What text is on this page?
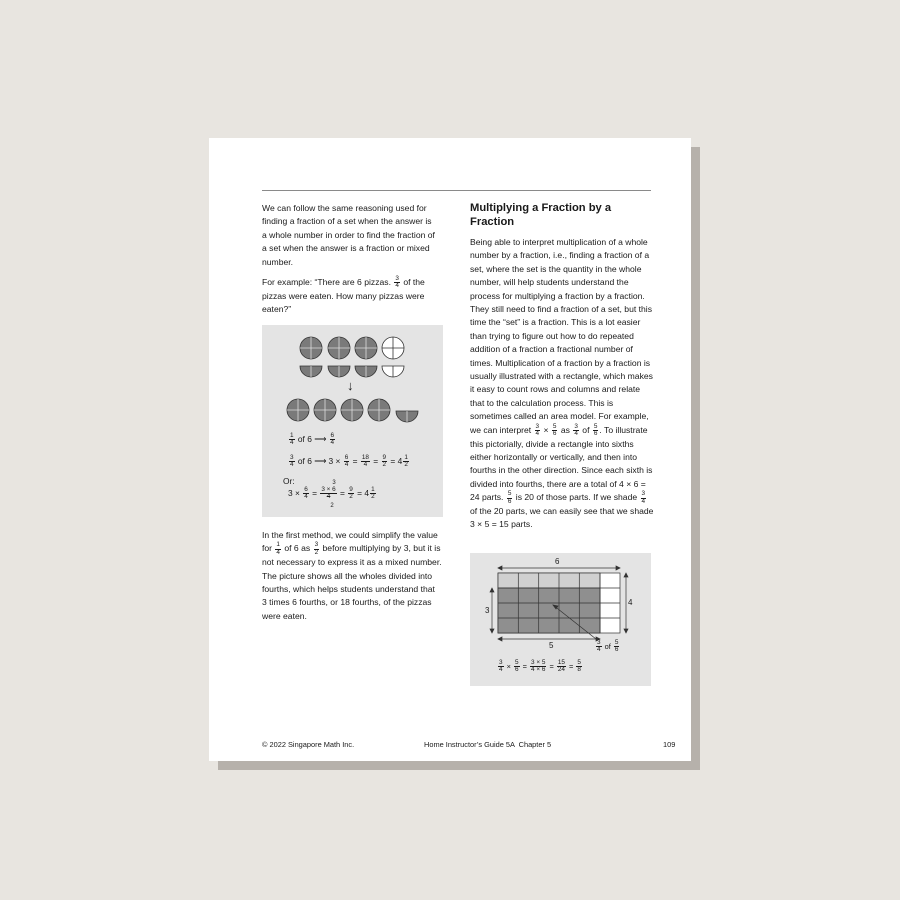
We can follow the same reasoning used for finding a fraction of a set when the answer is a whole number in order to find the fraction of a set when the answer is a fraction or mixed number.

For example: “There are 6 pizzas. $\frac{3}{4}$ of the pizzas were eaten. How many pizzas were eaten?”

↓
$\frac{1}{4}$ of 6 ⟶ $\frac{6}{4}$
$\frac{3}{4}$ of 6 ⟶ $3 \times \frac{6}{4} = \frac{18}{4} = \frac{9}{2} = 4 \frac{1}{2}$
Or:
$3 \times \frac{6}{4}$ =
3
$\frac{3 \times 6}{4}$
2
= $\frac{9}{2} = 4 \frac{1}{2}$

In the first method, we could simplify the value for $\frac{1}{4}$ of 6 as $\frac{3}{2}$ before multiplying by 3, but it is not necessary to express it as a mixed number. The picture shows all the wholes divided into fourths, which helps students understand that 3 times 6 fourths, or 18 fourths, of the pizzas were eaten.

Multiplying a Fraction by a Fraction

Being able to interpret multiplication of a whole number by a fraction, i.e., finding a fraction of a set, where the set is the quantity in the whole number, will help students understand the process for multiplying a fraction by a fraction. They still need to find a fraction of a set, but this time the “set” is a fraction. This is a lot easier than trying to figure out how to do repeated addition of a fraction a fractional number of times. Multiplication of a fraction by a fraction is usually illustrated with a rectangle, which makes it easy to count rows and columns and relate that to the calculation process. This is sometimes called an area model. For example, we can interpret $\frac{3}{4} \times \frac{5}{6}$ as $\frac{3}{4}$ of $\frac{5}{6}$ . To illustrate this pictorially, divide a rectangle into sixths either horizontally or vertically, and then into fourths in the other direction. Since each sixth is divided into fourths, there are a total of 4 × 6 = 24 parts. $\frac{5}{6}$ is 20 of those parts. If we shade $\frac{3}{4}$
of the 20 parts, we can easily see that we shade 3 × 5 = 15 parts.

6
3
4
5	$\frac{3}{4}$ of $\frac{5}{6}$
$\frac{3}{4} \times \frac{5}{6} = \frac{3 \times 5}{4 \times 6} = \frac{15}{24} = \frac{5}{8}$
© 2022 Singapore Math Inc.	Home Instructor’s Guide 5A  Chapter 5	109
